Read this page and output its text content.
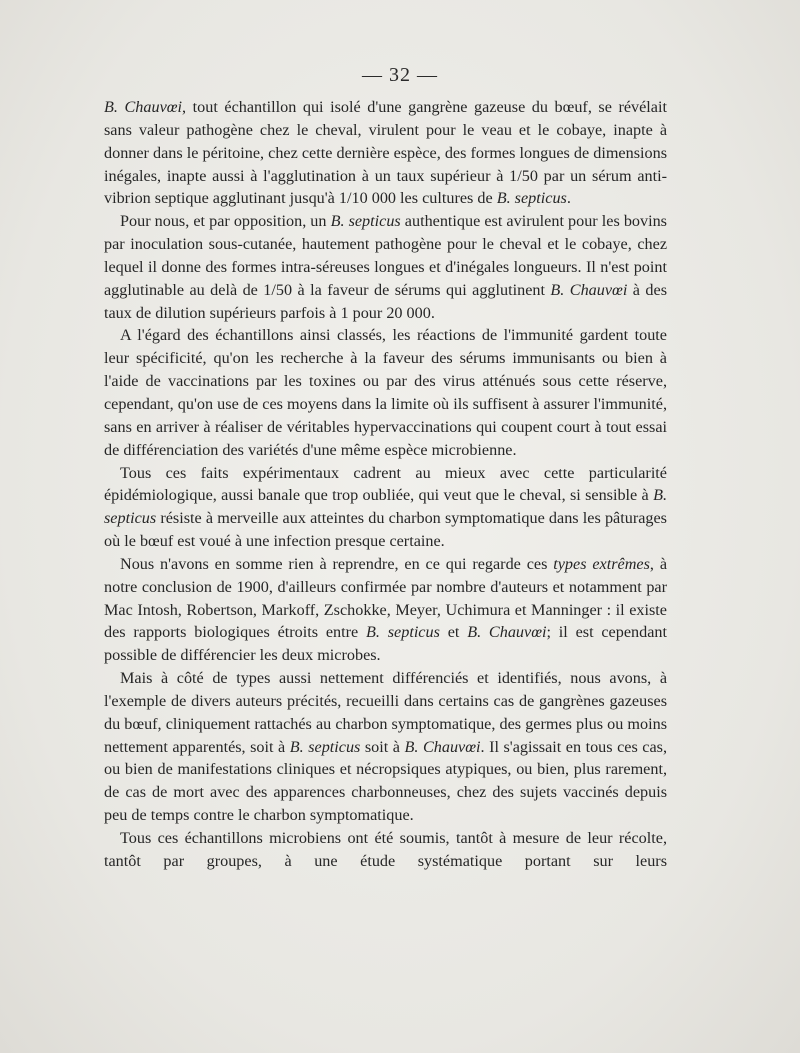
— 32 —

B. Chauvœi, tout échantillon qui isolé d'une gangrène gazeuse du bœuf, se révélait sans valeur pathogène chez le cheval, virulent pour le veau et le cobaye, inapte à donner dans le péritoine, chez cette dernière espèce, des formes longues de dimensions inégales, inapte aussi à l'agglutination à un taux supérieur à 1/50 par un sérum anti-vibrion septique agglutinant jusqu'à 1/10 000 les cultures de B. septicus.

Pour nous, et par opposition, un B. septicus authentique est avirulent pour les bovins par inoculation sous-cutanée, hautement pathogène pour le cheval et le cobaye, chez lequel il donne des formes intra-séreuses longues et d'inégales longueurs. Il n'est point agglutinable au delà de 1/50 à la faveur de sérums qui agglutinent B. Chauvœi à des taux de dilution supérieurs parfois à 1 pour 20 000.

A l'égard des échantillons ainsi classés, les réactions de l'immunité gardent toute leur spécificité, qu'on les recherche à la faveur des sérums immunisants ou bien à l'aide de vaccinations par les toxines ou par des virus atténués sous cette réserve, cependant, qu'on use de ces moyens dans la limite où ils suffisent à assurer l'immunité, sans en arriver à réaliser de véritables hypervaccinations qui coupent court à tout essai de différenciation des variétés d'une même espèce microbienne.

Tous ces faits expérimentaux cadrent au mieux avec cette particularité épidémiologique, aussi banale que trop oubliée, qui veut que le cheval, si sensible à B. septicus résiste à merveille aux atteintes du charbon symptomatique dans les pâturages où le bœuf est voué à une infection presque certaine.

Nous n'avons en somme rien à reprendre, en ce qui regarde ces types extrêmes, à notre conclusion de 1900, d'ailleurs confirmée par nombre d'auteurs et notamment par Mac Intosh, Robertson, Markoff, Zschokke, Meyer, Uchimura et Manninger : il existe des rapports biologiques étroits entre B. septicus et B. Chauvœi; il est cependant possible de différencier les deux microbes.

Mais à côté de types aussi nettement différenciés et identifiés, nous avons, à l'exemple de divers auteurs précités, recueilli dans certains cas de gangrènes gazeuses du bœuf, cliniquement rattachés au charbon symptomatique, des germes plus ou moins nettement apparentés, soit à B. septicus soit à B. Chauvœi. Il s'agissait en tous ces cas, ou bien de manifestations cliniques et nécropsiques atypiques, ou bien, plus rarement, de cas de mort avec des apparences charbonneuses, chez des sujets vaccinés depuis peu de temps contre le charbon symptomatique.

Tous ces échantillons microbiens ont été soumis, tantôt à mesure de leur récolte, tantôt par groupes, à une étude systématique portant sur leurs
